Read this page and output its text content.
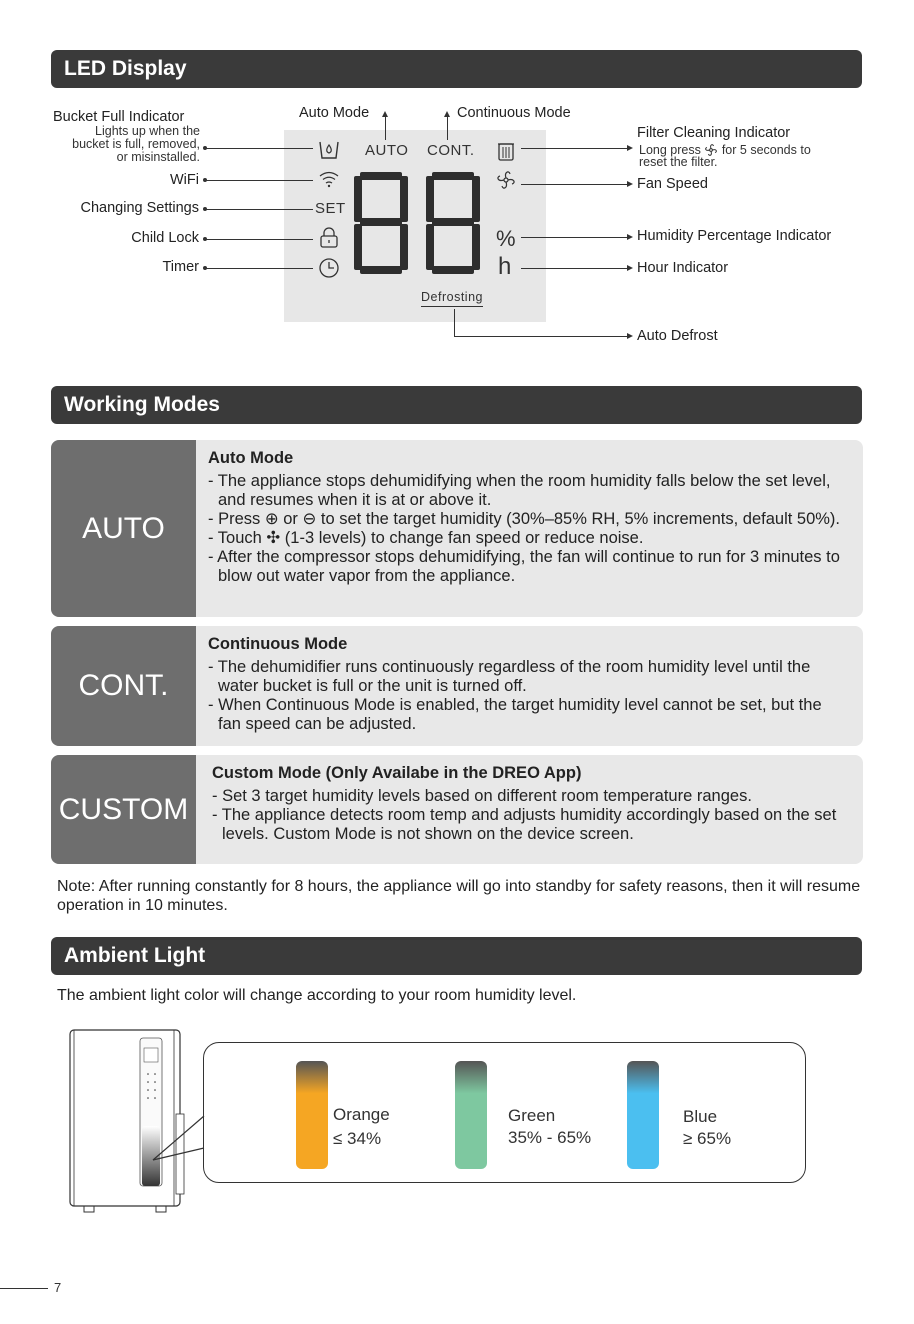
LED Display
AUTO CONT.
SET
%
h
Defrosting
Bucket Full Indicator
Lights up when the
bucket is full, removed,
or misinstalled.
WiFi
Changing Settings
Child Lock
Timer
Auto Mode	Continuous Mode
Filter Cleaning Indicator
Long press for 5 seconds to
reset the filter.
Fan Speed
Humidity Percentage Indicator
Hour Indicator
Auto Defrost
Working Modes
AUTO
Auto Mode
- The appliance stops dehumidifying when the room humidity falls below the set level, and resumes when it is at or above it.
- Press ⊕ or ⊖ to set the target humidity (30%–85% RH, 5% increments, default 50%).
- Touch ✣ (1-3 levels) to change fan speed or reduce noise.
- After the compressor stops dehumidifying, the fan will continue to run for 3 minutes to blow out water vapor from the appliance.
CONT.
Continuous Mode
- The dehumidifier runs continuously regardless of the room humidity level until the water bucket is full or the unit is turned off.
- When Continuous Mode is enabled, the target humidity level cannot be set, but the fan speed can be adjusted.
CUSTOM
Custom Mode (Only Availabe in the DREO App)
- Set 3 target humidity levels based on different room temperature ranges.
- The appliance detects room temp and adjusts humidity accordingly based on the set levels. Custom Mode is not shown on the device screen.
Note: After running constantly for 8 hours, the appliance will go into standby for safety reasons, then it will resume operation in 10 minutes.
Ambient Light
The ambient light color will change according to your room humidity level.
Orange
≤ 34%
Green
35% - 65%
Blue
≥ 65%
7
